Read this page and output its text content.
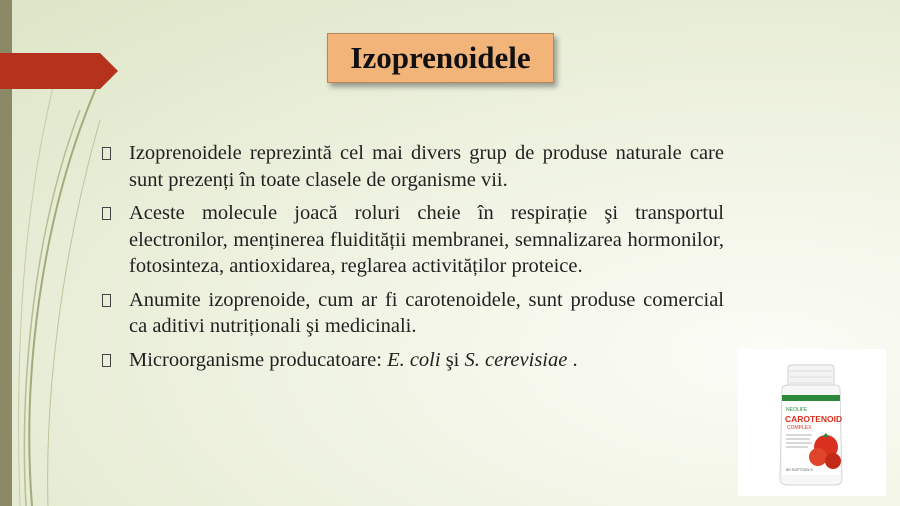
Izoprenoidele
Izoprenoidele reprezintă cel mai divers grup de produse naturale care sunt prezenți în toate clasele de organisme vii.
Aceste molecule joacă roluri cheie în respirație şi transportul electronilor, menținerea fluidității membranei, semnalizarea hormonilor, fotosinteza, antioxidarea, reglarea activităților proteice.
Anumite izoprenoide, cum ar fi carotenoidele, sunt produse comercial ca aditivi nutriționali şi medicinali.
Microorganisme producatoare: E. coli şi S. cerevisiae .
NEOLIFE
CAROTENOID
COMPLEX
90 SOFTGELS
